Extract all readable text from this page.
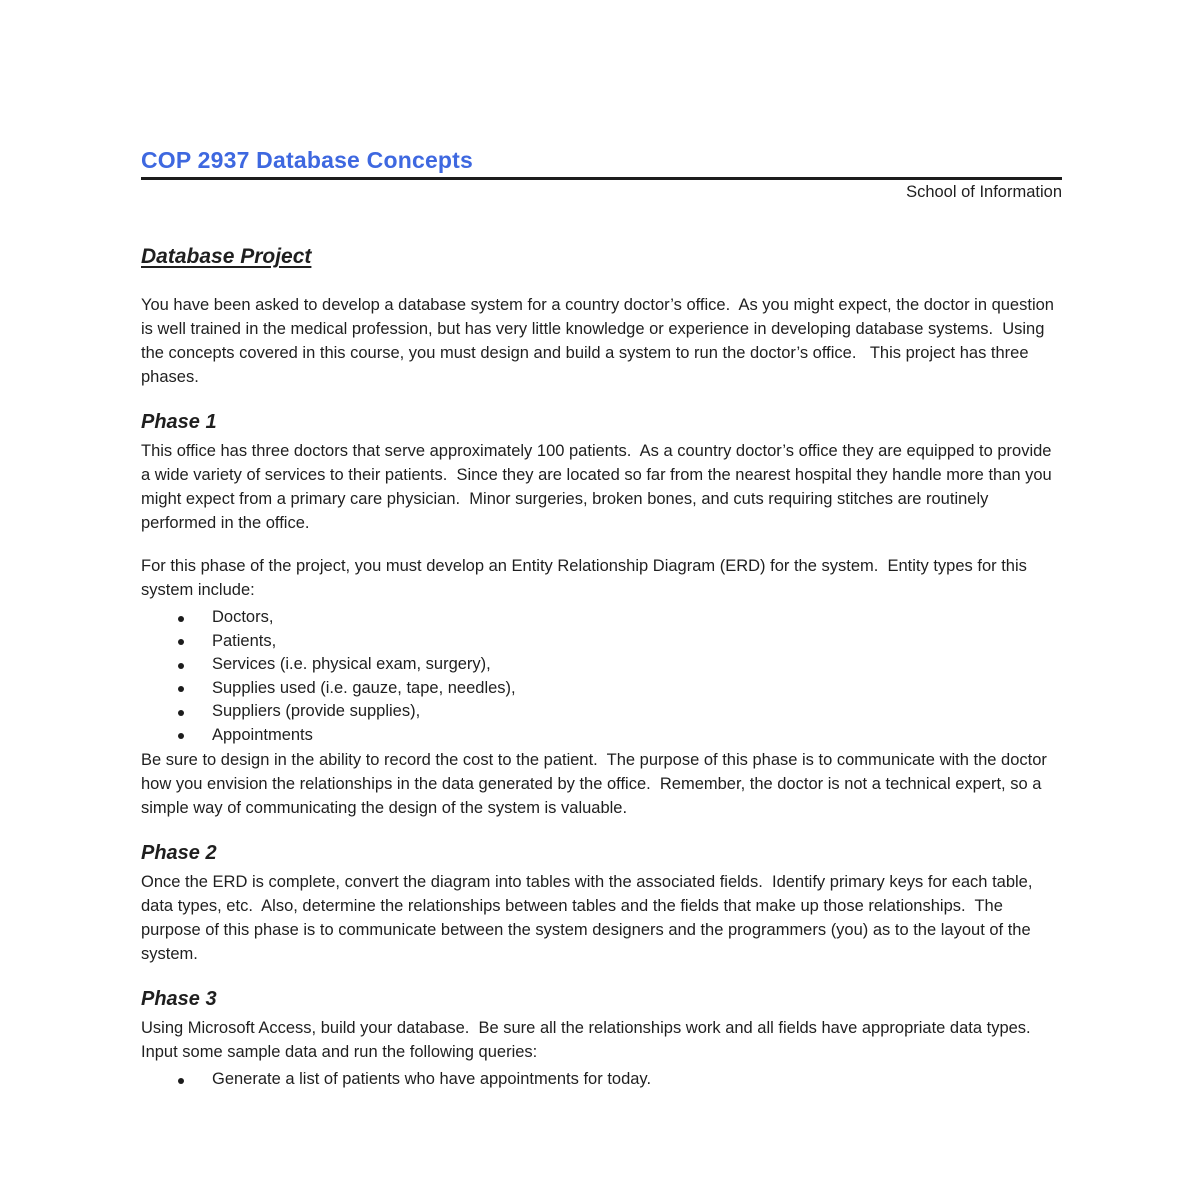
COP 2937 Database Concepts
School of Information
Database Project

You have been asked to develop a database system for a country doctor’s office.  As you might expect, the doctor in question is well trained in the medical profession, but has very little knowledge or experience in developing database systems.  Using the concepts covered in this course, you must design and build a system to run the doctor’s office.   This project has three phases.

Phase 1

This office has three doctors that serve approximately 100 patients.  As a country doctor’s office they are equipped to provide a wide variety of services to their patients.  Since they are located so far from the nearest hospital they handle more than you might expect from a primary care physician.  Minor surgeries, broken bones, and cuts requiring stitches are routinely performed in the office.

For this phase of the project, you must develop an Entity Relationship Diagram (ERD) for the system.  Entity types for this system include:

Doctors,
Patients,
Services (i.e. physical exam, surgery),
Supplies used (i.e. gauze, tape, needles),
Suppliers (provide supplies),
Appointments

Be sure to design in the ability to record the cost to the patient.  The purpose of this phase is to communicate with the doctor how you envision the relationships in the data generated by the office.  Remember, the doctor is not a technical expert, so a simple way of communicating the design of the system is valuable.

Phase 2

Once the ERD is complete, convert the diagram into tables with the associated fields.  Identify primary keys for each table, data types, etc.  Also, determine the relationships between tables and the fields that make up those relationships.  The purpose of this phase is to communicate between the system designers and the programmers (you) as to the layout of the system.

Phase 3

Using Microsoft Access, build your database.  Be sure all the relationships work and all fields have appropriate data types.  Input some sample data and run the following queries:

Generate a list of patients who have appointments for today.
